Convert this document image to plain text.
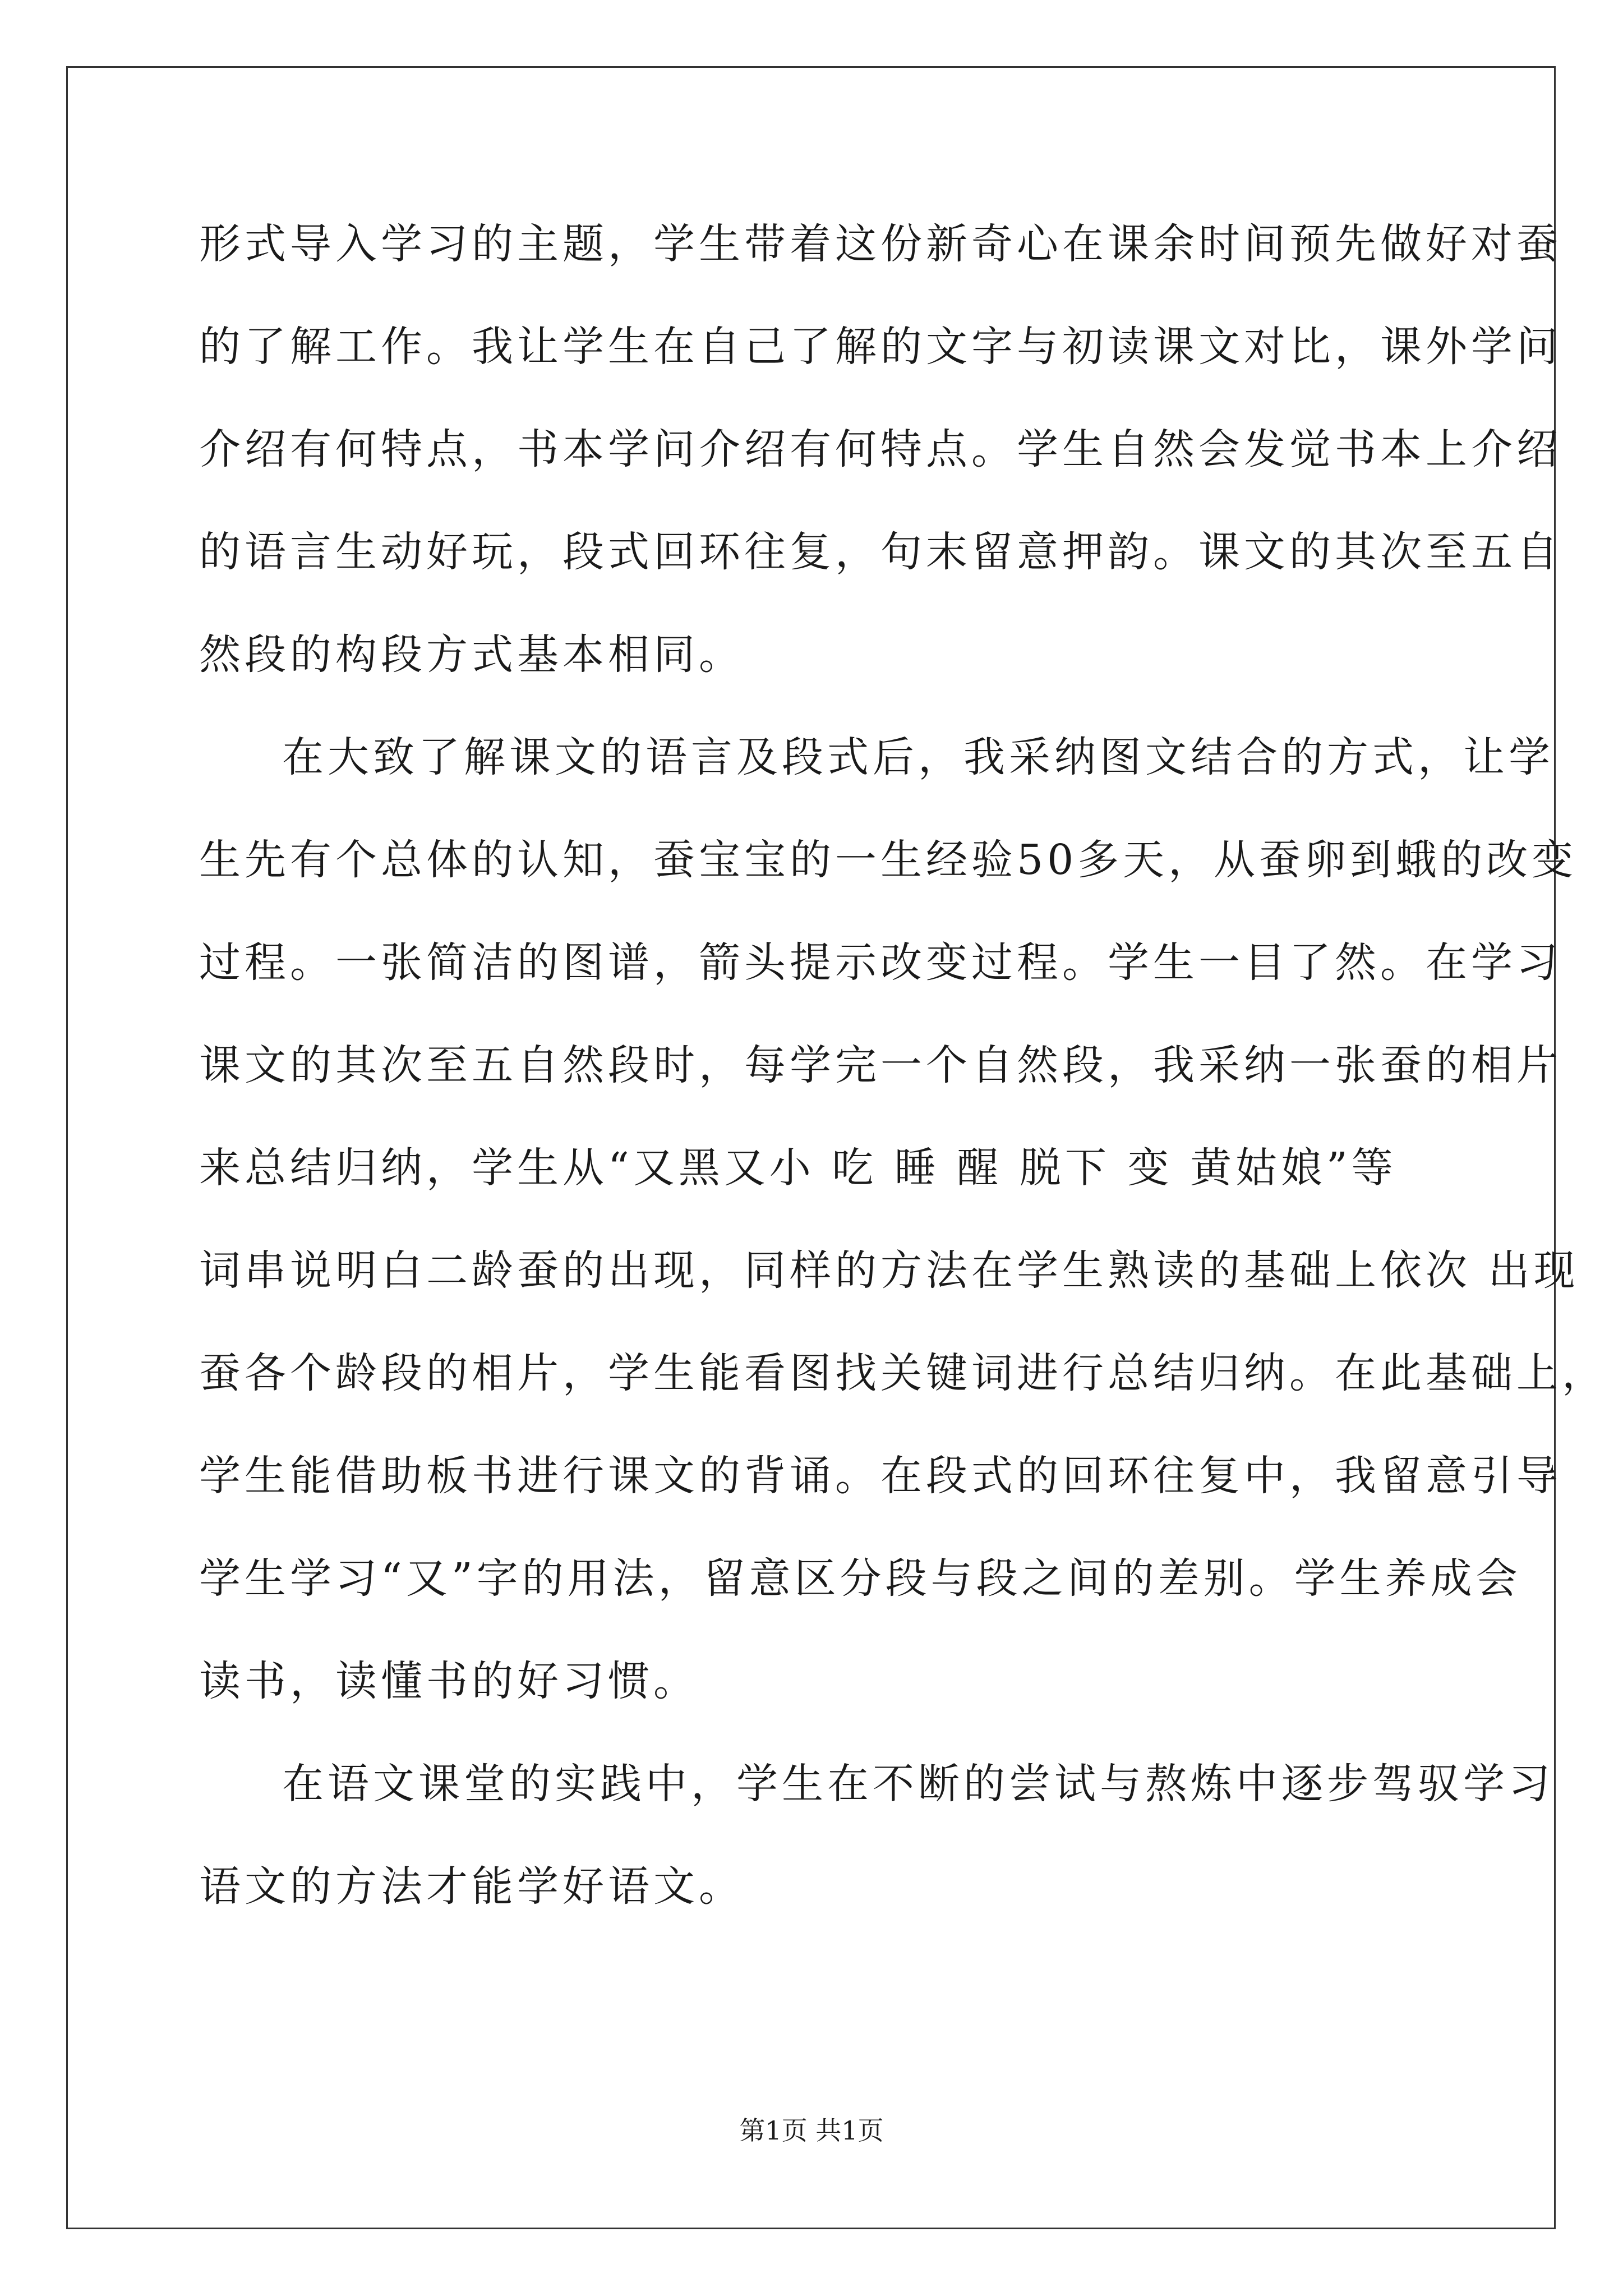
形式导入学习的主题，学生带着这份新奇心在课余时间预先做好对蚕
的了解工作。我让学生在自己了解的文字与初读课文对比，课外学问
介绍有何特点，书本学问介绍有何特点。学生自然会发觉书本上介绍
的语言生动好玩，段式回环往复，句末留意押韵。课文的其次至五自
然段的构段方式基本相同。
在大致了解课文的语言及段式后，我采纳图文结合的方式，让学
生先有个总体的认知，蚕宝宝的一生经验50多天，从蚕卵到蛾的改变
过程。一张简洁的图谱，箭头提示改变过程。学生一目了然。在学习
课文的其次至五自然段时，每学完一个自然段，我采纳一张蚕的相片
来总结归纳，学生从“又黑又小 吃 睡 醒 脱下 变 黄姑娘”等
词串说明白二龄蚕的出现，同样的方法在学生熟读的基础上依次 出现
蚕各个龄段的相片，学生能看图找关键词进行总结归纳。在此基础上，
学生能借助板书进行课文的背诵。在段式的回环往复中，我留意引导
学生学习“又”字的用法，留意区分段与段之间的差别。学生养成会
读书，读懂书的好习惯。
在语文课堂的实践中，学生在不断的尝试与熬炼中逐步驾驭学习
语文的方法才能学好语文。
第1页 共1页
